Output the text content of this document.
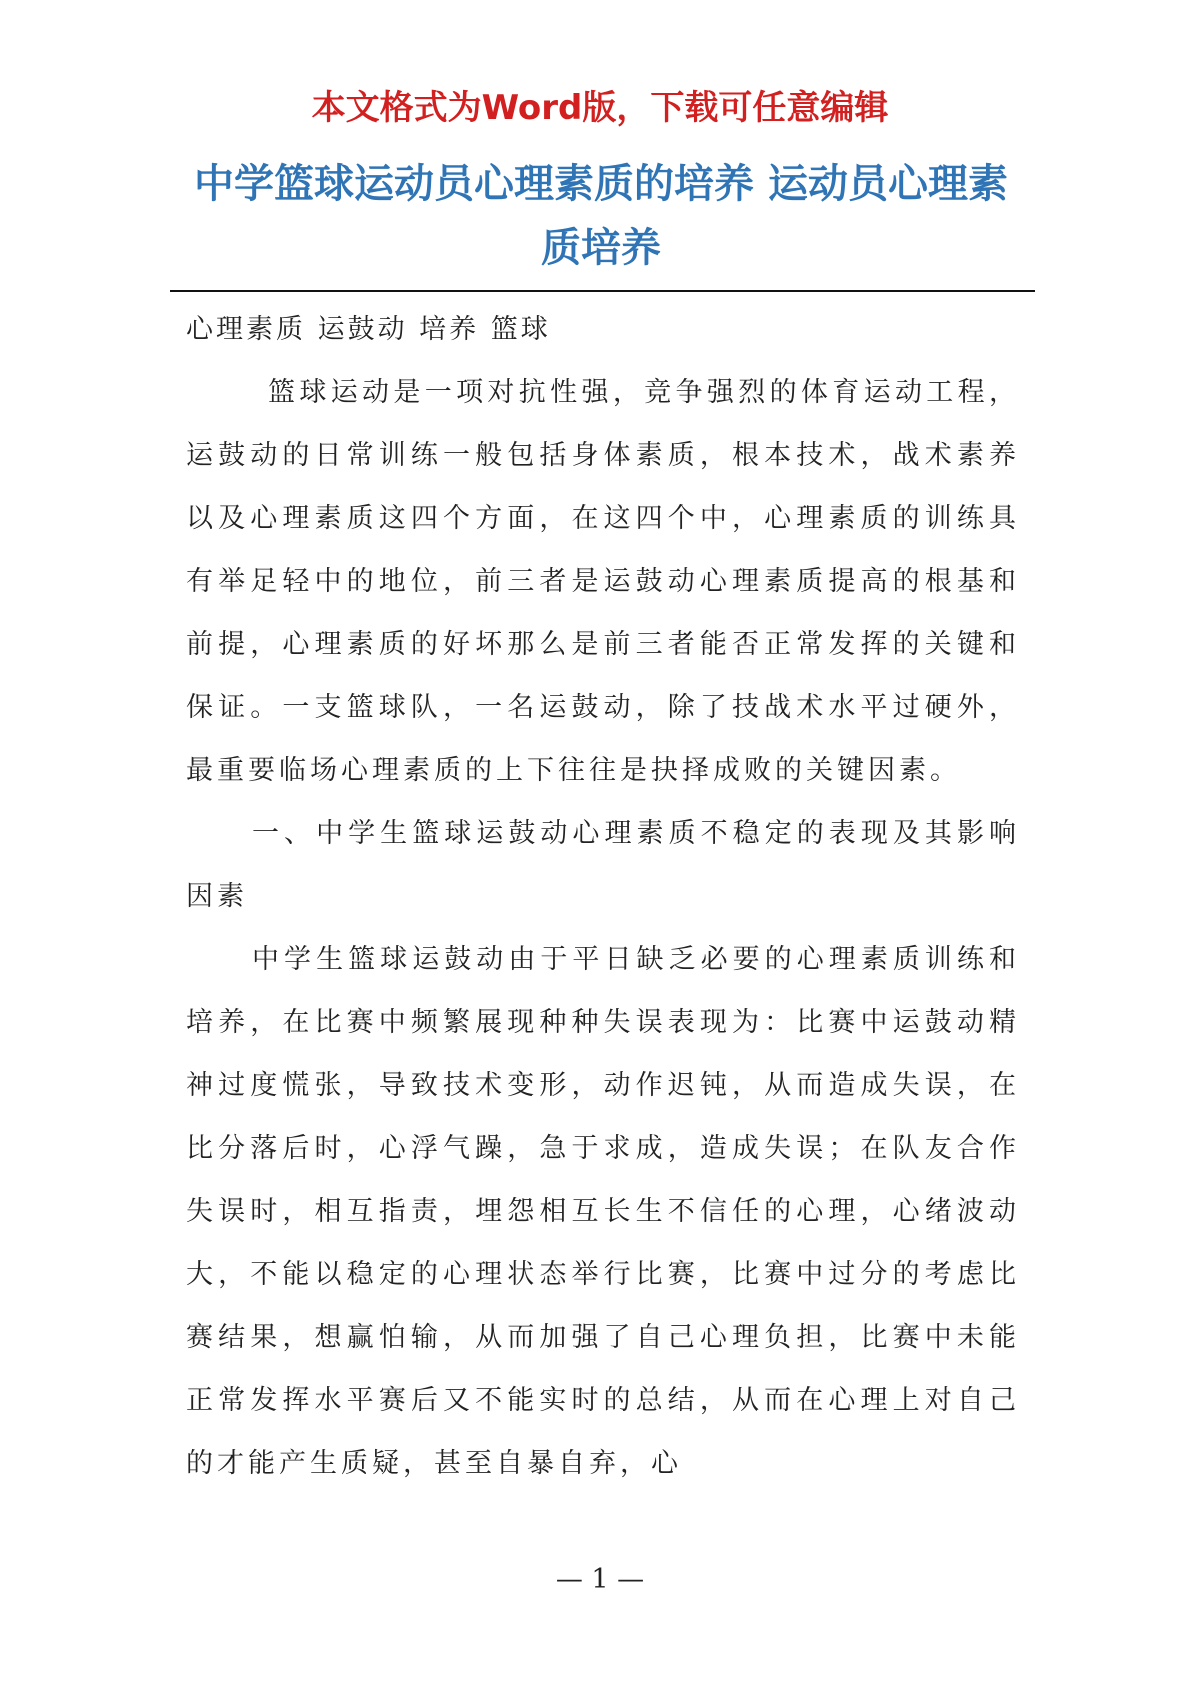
本文格式为Word版，下载可任意编辑

中学篮球运动员心理素质的培养 运动员心理素质培养

心理素质 运鼓动 培养 篮球

篮球运动是一项对抗性强，竞争强烈的体育运动工程，运鼓动的日常训练一般包括身体素质，根本技术，战术素养以及心理素质这四个方面，在这四个中，心理素质的训练具有举足轻中的地位，前三者是运鼓动心理素质提高的根基和前提，心理素质的好坏那么是前三者能否正常发挥的关键和保证。一支篮球队，一名运鼓动，除了技战术水平过硬外，最重要临场心理素质的上下往往是抉择成败的关键因素。

一、中学生篮球运鼓动心理素质不稳定的表现及其影响因素

中学生篮球运鼓动由于平日缺乏必要的心理素质训练和培养，在比赛中频繁展现种种失误表现为：比赛中运鼓动精神过度慌张，导致技术变形，动作迟钝，从而造成失误，在比分落后时，心浮气躁，急于求成，造成失误；在队友合作失误时，相互指责，埋怨相互长生不信任的心理，心绪波动大，不能以稳定的心理状态举行比赛，比赛中过分的考虑比赛结果，想赢怕输，从而加强了自己心理负担，比赛中未能正常发挥水平赛后又不能实时的总结，从而在心理上对自己的才能产生质疑，甚至自暴自弃，心

— 1 —
